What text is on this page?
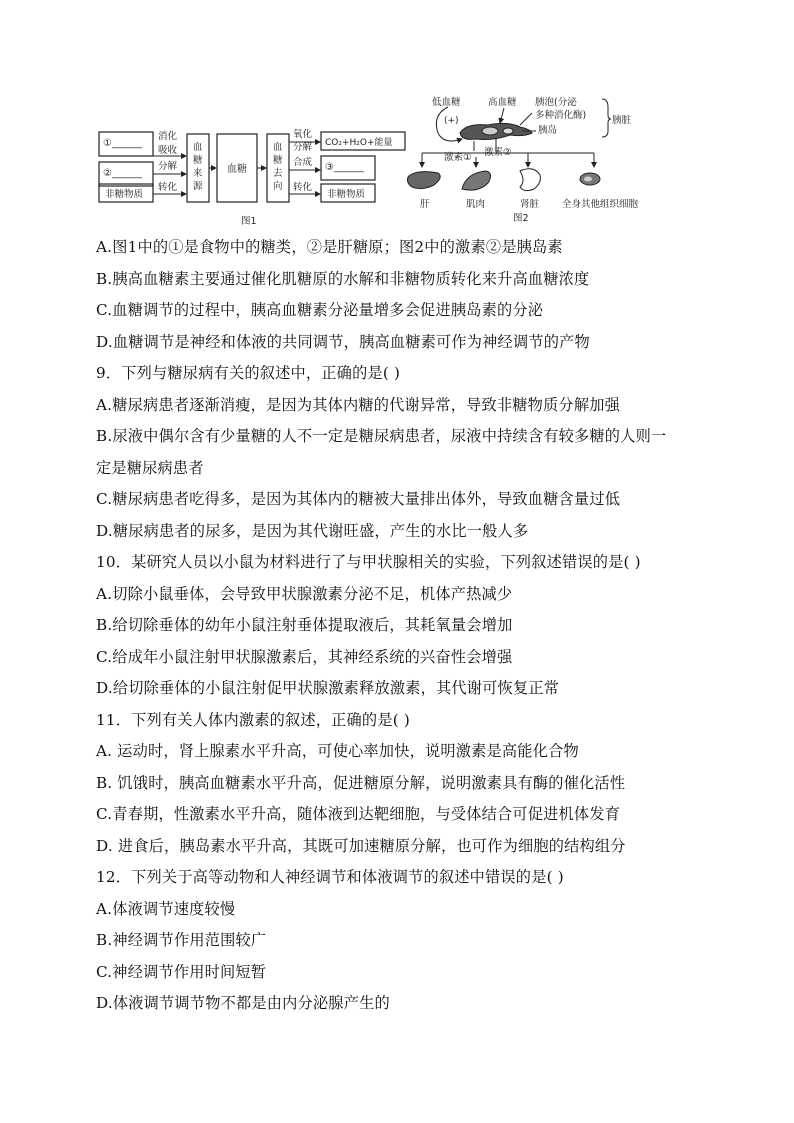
①______
②______
非糖物质
消化
吸收
分解
转化
血
糖
来
源
血糖
血
糖
去
向
氧化
分解
合成
转化
CO₂+H₂O+能量
③______
非糖物质
图1
低血糖	高血糖 胰泡(分泌
多种消化酶)
胰岛
胰脏
(+)
激素① 激素②
肝	肌肉	肾脏 全身其他组织细胞
图2
A.图1中的①是食物中的糖类，②是肝糖原；图2中的激素②是胰岛素
B.胰高血糖素主要通过催化肌糖原的水解和非糖物质转化来升高血糖浓度
C.血糖调节的过程中，胰高血糖素分泌量增多会促进胰岛素的分泌
D.血糖调节是神经和体液的共同调节，胰高血糖素可作为神经调节的产物
9．下列与糖尿病有关的叙述中，正确的是( )
A.糖尿病患者逐渐消瘦，是因为其体内糖的代谢异常，导致非糖物质分解加强
B.尿液中偶尔含有少量糖的人不一定是糖尿病患者，尿液中持续含有较多糖的人则一
定是糖尿病患者
C.糖尿病患者吃得多，是因为其体内的糖被大量排出体外，导致血糖含量过低
D.糖尿病患者的尿多，是因为其代谢旺盛，产生的水比一般人多
10．某研究人员以小鼠为材料进行了与甲状腺相关的实验，下列叙述错误的是( )
A.切除小鼠垂体，会导致甲状腺激素分泌不足，机体产热减少
B.给切除垂体的幼年小鼠注射垂体提取液后，其耗氧量会增加
C.给成年小鼠注射甲状腺激素后，其神经系统的兴奋性会增强
D.给切除垂体的小鼠注射促甲状腺激素释放激素，其代谢可恢复正常
11．下列有关人体内激素的叙述，正确的是( )
A. 运动时，肾上腺素水平升高，可使心率加快，说明激素是高能化合物
B. 饥饿时，胰高血糖素水平升高，促进糖原分解，说明激素具有酶的催化活性
C.青春期，性激素水平升高，随体液到达靶细胞，与受体结合可促进机体发育
D. 进食后，胰岛素水平升高，其既可加速糖原分解，也可作为细胞的结构组分
12．下列关于高等动物和人神经调节和体液调节的叙述中错误的是( )
A.体液调节速度较慢
B.神经调节作用范围较广
C.神经调节作用时间短暂
D.体液调节调节物不都是由内分泌腺产生的
